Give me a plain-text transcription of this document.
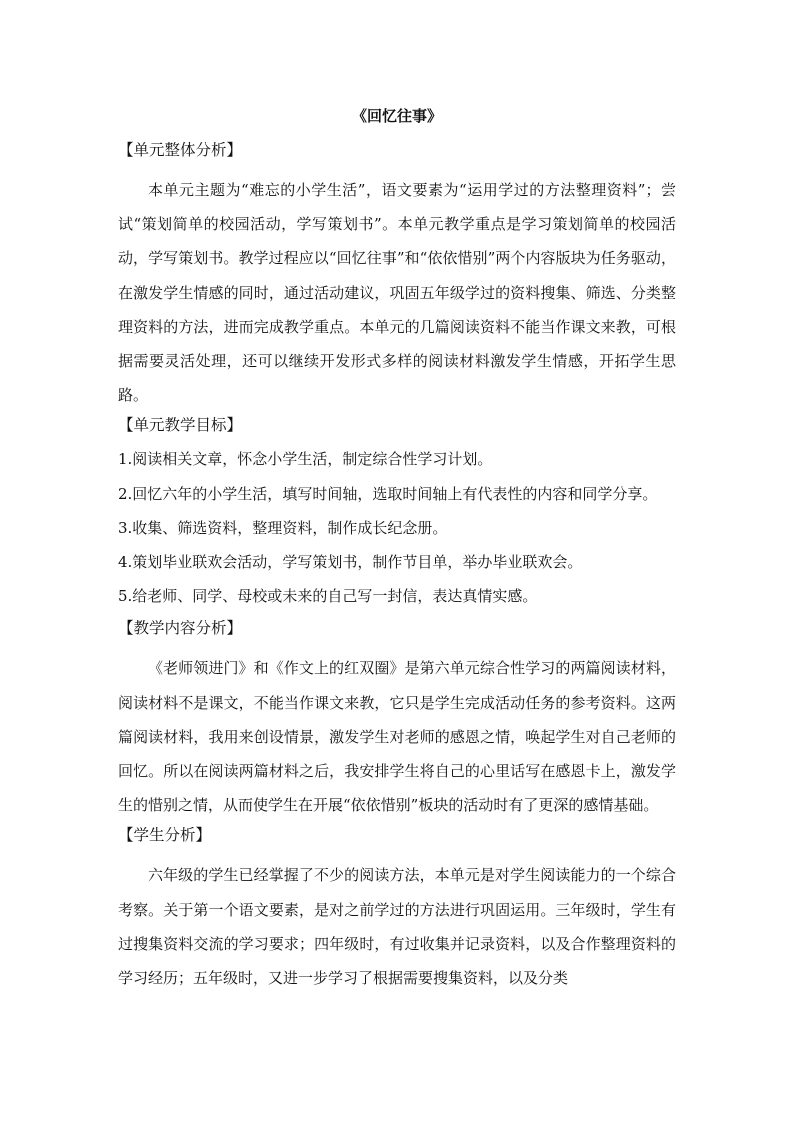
《回忆往事》
【单元整体分析】

本单元主题为“难忘的小学生活”，语文要素为“运用学过的方法整理资料”；尝试“策划简单的校园活动，学写策划书”。本单元教学重点是学习策划简单的校园活动，学写策划书。教学过程应以“回忆往事”和“依依惜别”两个内容版块为任务驱动，在激发学生情感的同时，通过活动建议，巩固五年级学过的资料搜集、筛选、分类整理资料的方法，进而完成教学重点。本单元的几篇阅读资料不能当作课文来教，可根据需要灵活处理，还可以继续开发形式多样的阅读材料激发学生情感，开拓学生思路。

【单元教学目标】

1.阅读相关文章，怀念小学生活，制定综合性学习计划。

2.回忆六年的小学生活，填写时间轴，选取时间轴上有代表性的内容和同学分享。

3.收集、筛选资料，整理资料，制作成长纪念册。

4.策划毕业联欢会活动，学写策划书，制作节目单，举办毕业联欢会。

5.给老师、同学、母校或未来的自己写一封信，表达真情实感。

【教学内容分析】

《老师领进门》和《作文上的红双圈》是第六单元综合性学习的两篇阅读材料，阅读材料不是课文，不能当作课文来教，它只是学生完成活动任务的参考资料。这两篇阅读材料，我用来创设情景，激发学生对老师的感恩之情，唤起学生对自己老师的回忆。所以在阅读两篇材料之后，我安排学生将自己的心里话写在感恩卡上，激发学生的惜别之情，从而使学生在开展“依依惜别”板块的活动时有了更深的感情基础。

【学生分析】

六年级的学生已经掌握了不少的阅读方法，本单元是对学生阅读能力的一个综合考察。关于第一个语文要素，是对之前学过的方法进行巩固运用。三年级时，学生有过搜集资料交流的学习要求；四年级时，有过收集并记录资料，以及合作整理资料的学习经历；五年级时，又进一步学习了根据需要搜集资料，以及分类
